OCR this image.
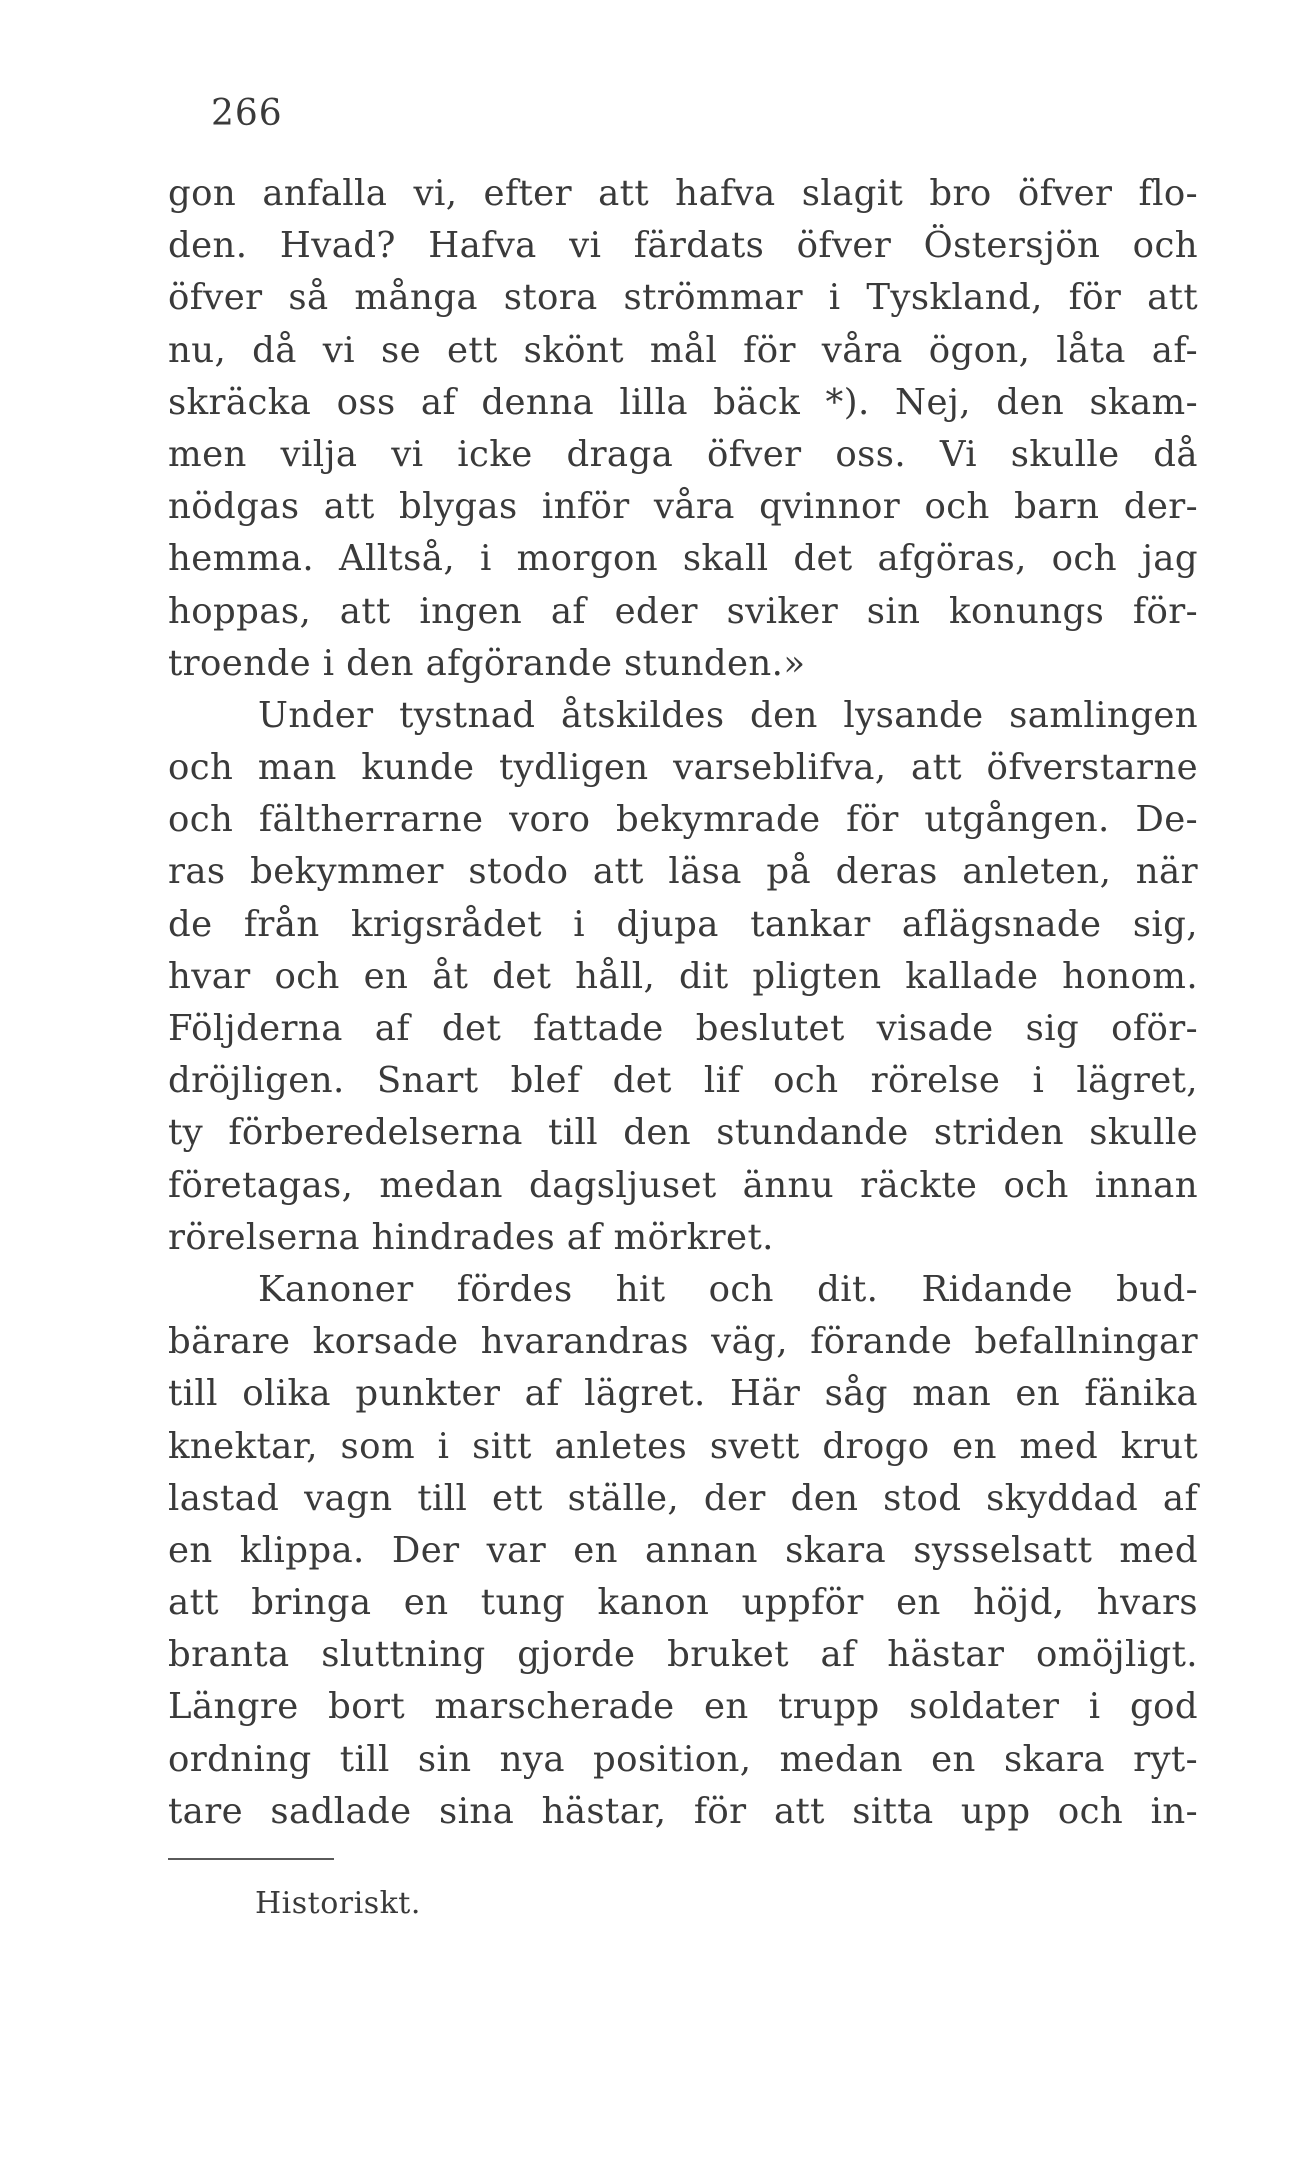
266
gon anfalla vi, efter att hafva slagit bro öfver flo-
den. Hvad? Hafva vi färdats öfver Östersjön och
öfver så många stora strömmar i Tyskland, för att
nu, då vi se ett skönt mål för våra ögon, låta af-
skräcka oss af denna lilla bäck *). Nej, den skam-
men vilja vi icke draga öfver oss. Vi skulle då
nödgas att blygas inför våra qvinnor och barn der-
hemma. Alltså, i morgon skall det afgöras, och jag
hoppas, att ingen af eder sviker sin konungs för-
troende i den afgörande stunden.»
Under tystnad åtskildes den lysande samlingen
och man kunde tydligen varseblifva, att öfverstarne
och fältherrarne voro bekymrade för utgången. De-
ras bekymmer stodo att läsa på deras anleten, när
de från krigsrådet i djupa tankar aflägsnade sig,
hvar och en åt det håll, dit pligten kallade honom.
Följderna af det fattade beslutet visade sig oför-
dröjligen. Snart blef det lif och rörelse i lägret,
ty förberedelserna till den stundande striden skulle
företagas, medan dagsljuset ännu räckte och innan
rörelserna hindrades af mörkret.
Kanoner fördes hit och dit. Ridande bud-
bärare korsade hvarandras väg, förande befallningar
till olika punkter af lägret. Här såg man en fänika
knektar, som i sitt anletes svett drogo en med krut
lastad vagn till ett ställe, der den stod skyddad af
en klippa. Der var en annan skara sysselsatt med
att bringa en tung kanon uppför en höjd, hvars
branta sluttning gjorde bruket af hästar omöjligt.
Längre bort marscherade en trupp soldater i god
ordning till sin nya position, medan en skara ryt-
tare sadlade sina hästar, för att sitta upp och in-
Historiskt.
